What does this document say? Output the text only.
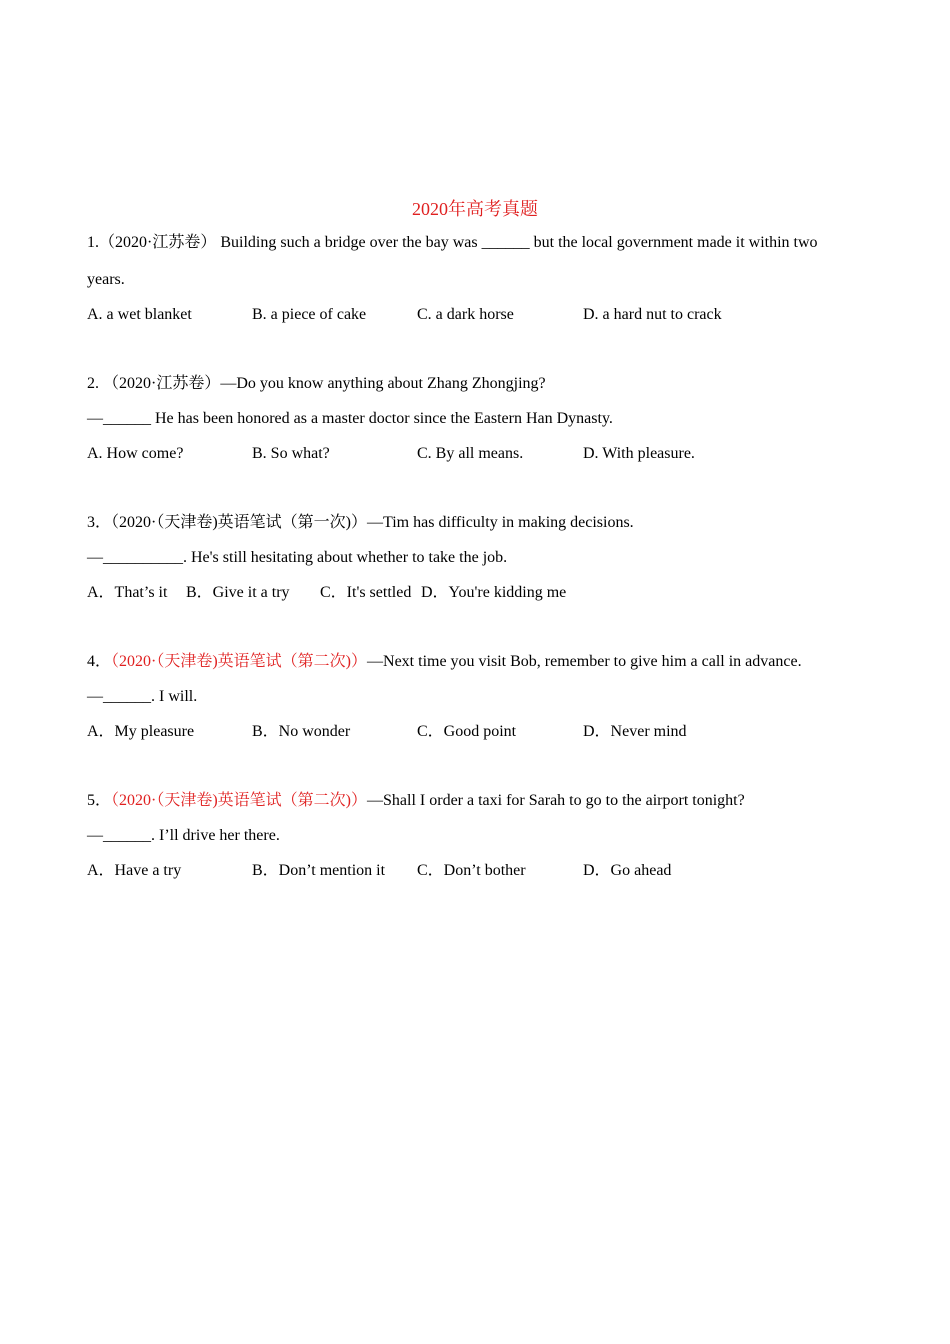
2020年高考真题
1.（2020·江苏卷） Building such a bridge over the bay was ______ but the local government made it within two
years.
A. a wet blanket	B. a piece of cake	C. a dark horse	D. a hard nut to crack
2. （2020·江苏卷）—Do you know anything about Zhang Zhongjing?
—______ He has been honored as a master doctor since the Eastern Han Dynasty.
A. How come?	B. So what?	C. By all means.	D. With pleasure.
3．（2020·（天津卷)英语笔试（第一次)）—Tim has difficulty in making decisions.
—__________. He's still hesitating about whether to take the job.
A．That’s it B．Give it a try C．It's settled D．You're kidding me
4．（2020·（天津卷)英语笔试（第二次)）—Next time you visit Bob, remember to give him a call in advance.
—______. I will.
A．My pleasure	B．No wonder	C．Good point	D．Never mind
5．（2020·（天津卷)英语笔试（第二次)）—Shall I order a taxi for Sarah to go to the airport tonight?
—______. I’ll drive her there.
A．Have a try	B．Don’t mention it C．Don’t bother	D．Go ahead
